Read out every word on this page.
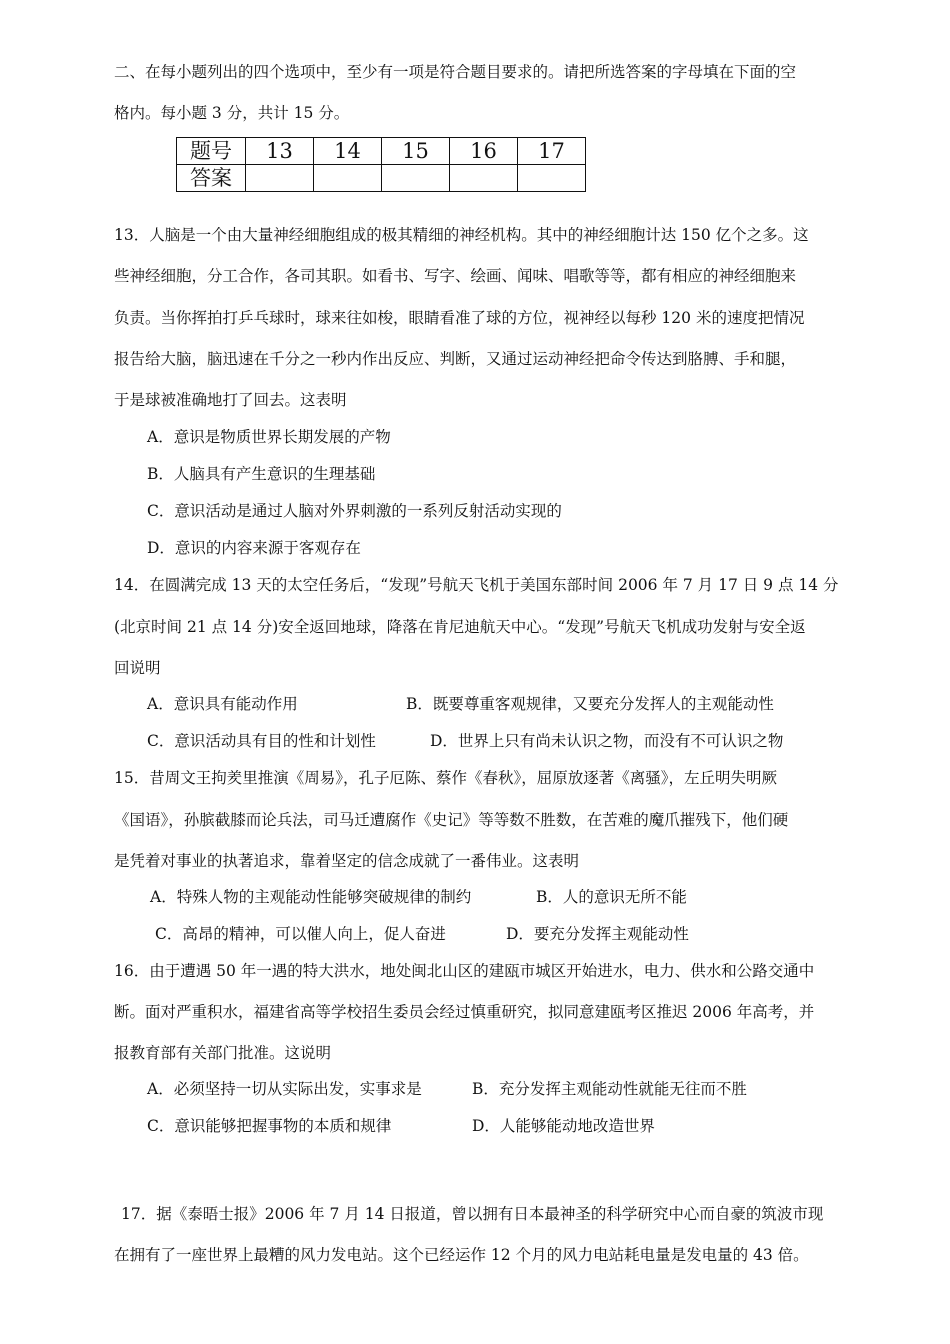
二、在每小题列出的四个选项中，至少有一项是符合题目要求的。请把所选答案的字母填在下面的空
格内。每小题 3 分，共计 15 分。
题号	13	14	15	16	17
答案					
13．人脑是一个由大量神经细胞组成的极其精细的神经机构。其中的神经细胞计达 150 亿个之多。这
些神经细胞，分工合作，各司其职。如看书、写字、绘画、闻味、唱歌等等，都有相应的神经细胞来
负责。当你挥拍打乒乓球时，球来往如梭，眼睛看准了球的方位，视神经以每秒 120 米的速度把情况
报告给大脑，脑迅速在千分之一秒内作出反应、判断，又通过运动神经把命令传达到胳膊、手和腿，
于是球被准确地打了回去。这表明
A．意识是物质世界长期发展的产物
B．人脑具有产生意识的生理基础
C．意识活动是通过人脑对外界刺激的一系列反射活动实现的
D．意识的内容来源于客观存在
14．在圆满完成 13 天的太空任务后，“发现”号航天飞机于美国东部时间 2006 年 7 月 17 日 9 点 14 分
(北京时间 21 点 14 分)安全返回地球，降落在肯尼迪航天中心。“发现”号航天飞机成功发射与安全返
回说明
A．意识具有能动作用	B．既要尊重客观规律，又要充分发挥人的主观能动性
C．意识活动具有目的性和计划性	D．世界上只有尚未认识之物，而没有不可认识之物
15．昔周文王拘羑里推演《周易》，孔子厄陈、蔡作《春秋》，屈原放逐著《离骚》，左丘明失明厥
《国语》，孙膑截膝而论兵法，司马迁遭腐作《史记》等等数不胜数，在苦难的魔爪摧残下，他们硬
是凭着对事业的执著追求，靠着坚定的信念成就了一番伟业。这表明
A．特殊人物的主观能动性能够突破规律的制约	B．人的意识无所不能
C．高昂的精神，可以催人向上，促人奋进	D．要充分发挥主观能动性
16．由于遭遇 50 年一遇的特大洪水，地处闽北山区的建瓯市城区开始进水，电力、供水和公路交通中
断。面对严重积水，福建省高等学校招生委员会经过慎重研究，拟同意建瓯考区推迟 2006 年高考，并
报教育部有关部门批准。这说明
A．必须坚持一切从实际出发，实事求是	B．充分发挥主观能动性就能无往而不胜
C．意识能够把握事物的本质和规律	D．人能够能动地改造世界
17．据《泰晤士报》2006 年 7 月 14 日报道，曾以拥有日本最神圣的科学研究中心而自豪的筑波市现
在拥有了一座世界上最糟的风力发电站。这个已经运作 12 个月的风力电站耗电量是发电量的 43 倍。
